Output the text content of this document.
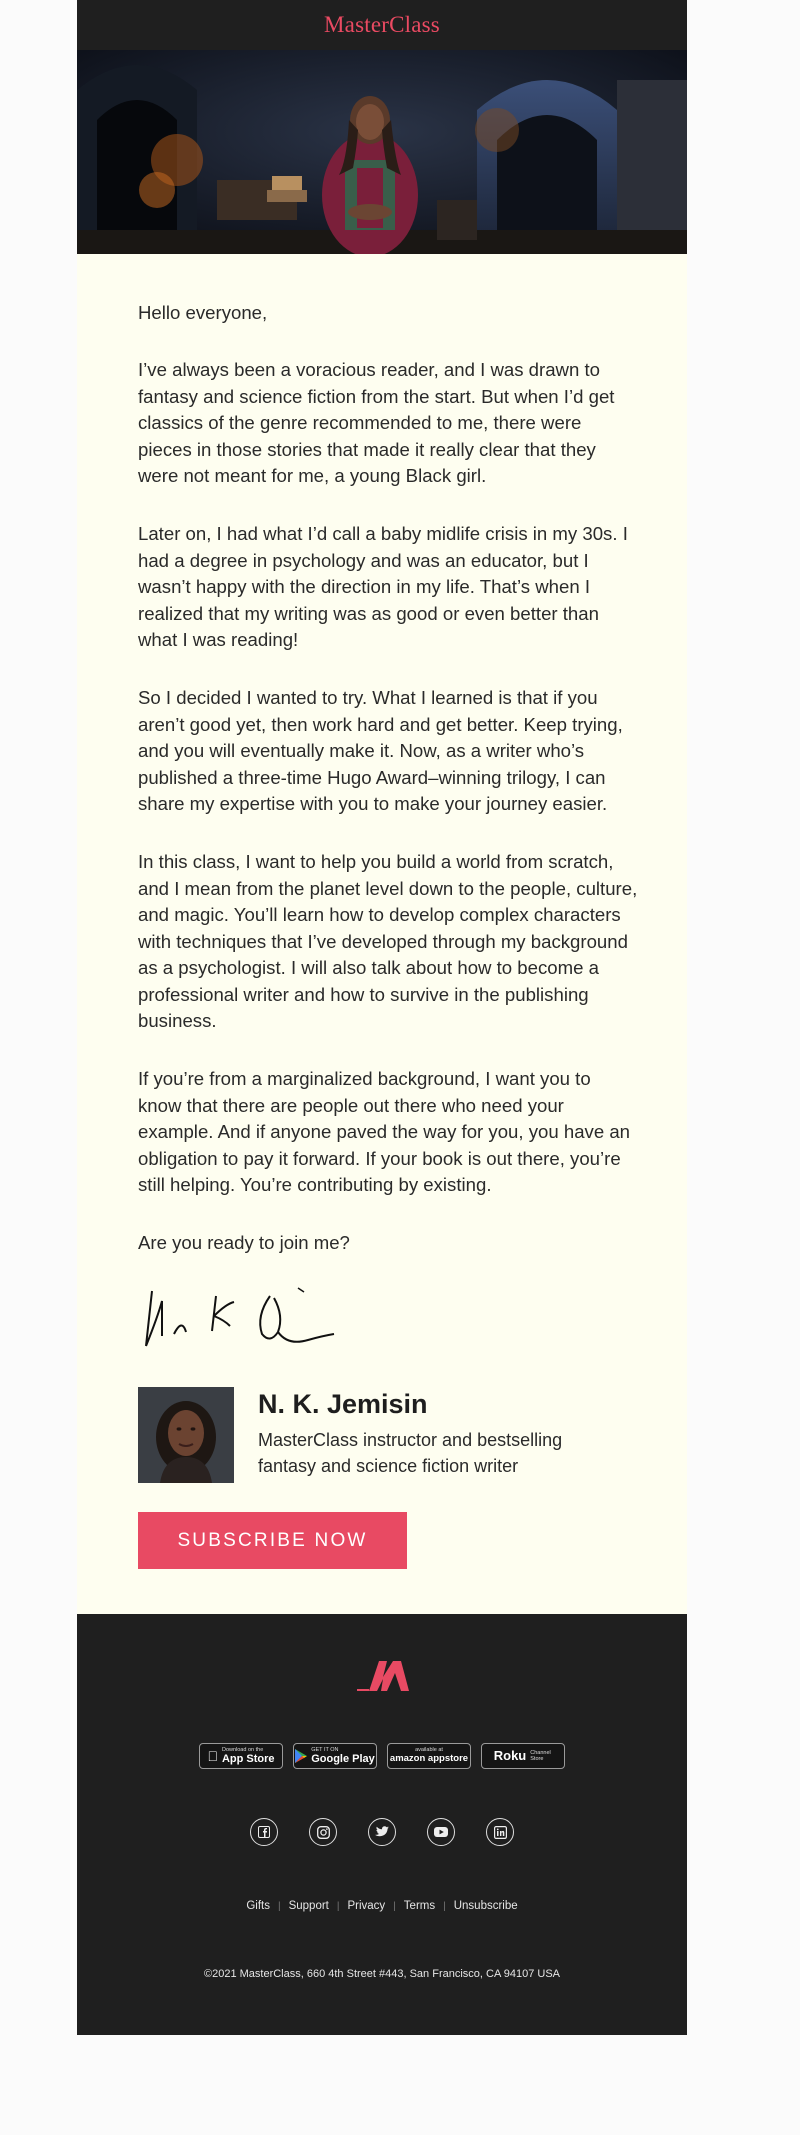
MasterClass

Hello everyone,

I’ve always been a voracious reader, and I was drawn to fantasy and science fiction from the start. But when I’d get classics of the genre recommended to me, there were pieces in those stories that made it really clear that they were not meant for me, a young Black girl.

Later on, I had what I’d call a baby midlife crisis in my 30s. I had a degree in psychology and was an educator, but I wasn’t happy with the direction in my life. That’s when I realized that my writing was as good or even better than what I was reading!

So I decided I wanted to try. What I learned is that if you aren’t good yet, then work hard and get better. Keep trying, and you will eventually make it. Now, as a writer who’s published a three-time Hugo Award–winning trilogy, I can share my expertise with you to make your journey easier.

In this class, I want to help you build a world from scratch, and I mean from the planet level down to the people, culture, and magic. You’ll learn how to develop complex characters with techniques that I’ve developed through my background as a psychologist. I will also talk about how to become a professional writer and how to survive in the publishing business.

If you’re from a marginalized background, I want you to know that there are people out there who need your example. And if anyone paved the way for you, you have an obligation to pay it forward. If your book is out there, you’re still helping. You’re contributing by existing.

Are you ready to join me?

N. K. Jemisin
MasterClass instructor and bestselling fantasy and science fiction writer
SUBSCRIBE NOW
Download on the
App Store
GET IT ON
Google Play
available at
amazon appstore Roku Channel Store
Gifts | Support | Privacy | Terms | Unsubscribe
©2021 MasterClass, 660 4th Street #443, San Francisco, CA 94107 USA
